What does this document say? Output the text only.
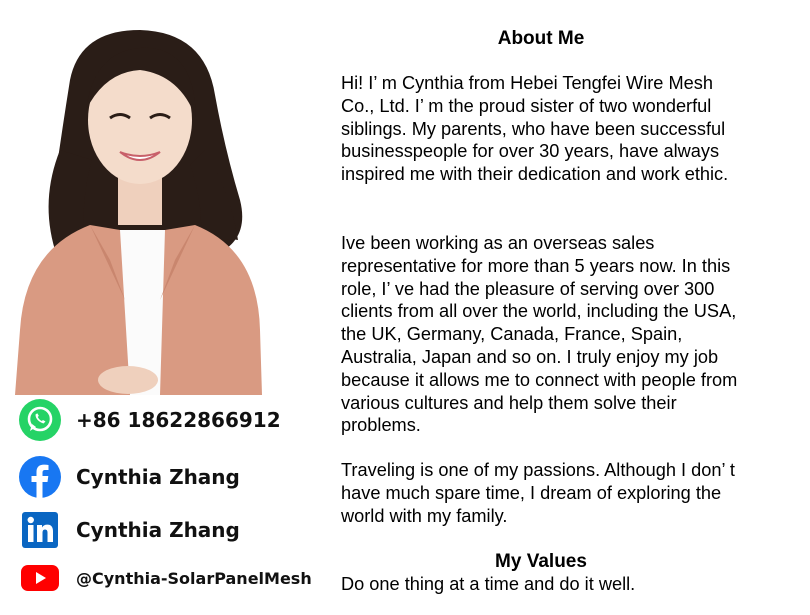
+86 18622866912
Cynthia Zhang
Cynthia Zhang
@Cynthia-SolarPanelMesh
About Me

Hi! I’ m Cynthia from Hebei Tengfei Wire Mesh Co., Ltd. I’ m the proud sister of two wonderful siblings. My parents, who have been successful businesspeople for over 30 years, have always inspired me with their dedication and work ethic.

Ive been working as an overseas sales representative for more than 5 years now. In this role, I’ ve had the pleasure of serving over 300 clients from all over the world, including the USA, the UK, Germany, Canada, France, Spain, Australia, Japan and so on. I truly enjoy my job because it allows me to connect with people from various cultures and help them solve their problems.

Traveling is one of my passions. Although I don’ t have much spare time, I dream of exploring the world with my family.

My Values

Do one thing at a time and do it well.
